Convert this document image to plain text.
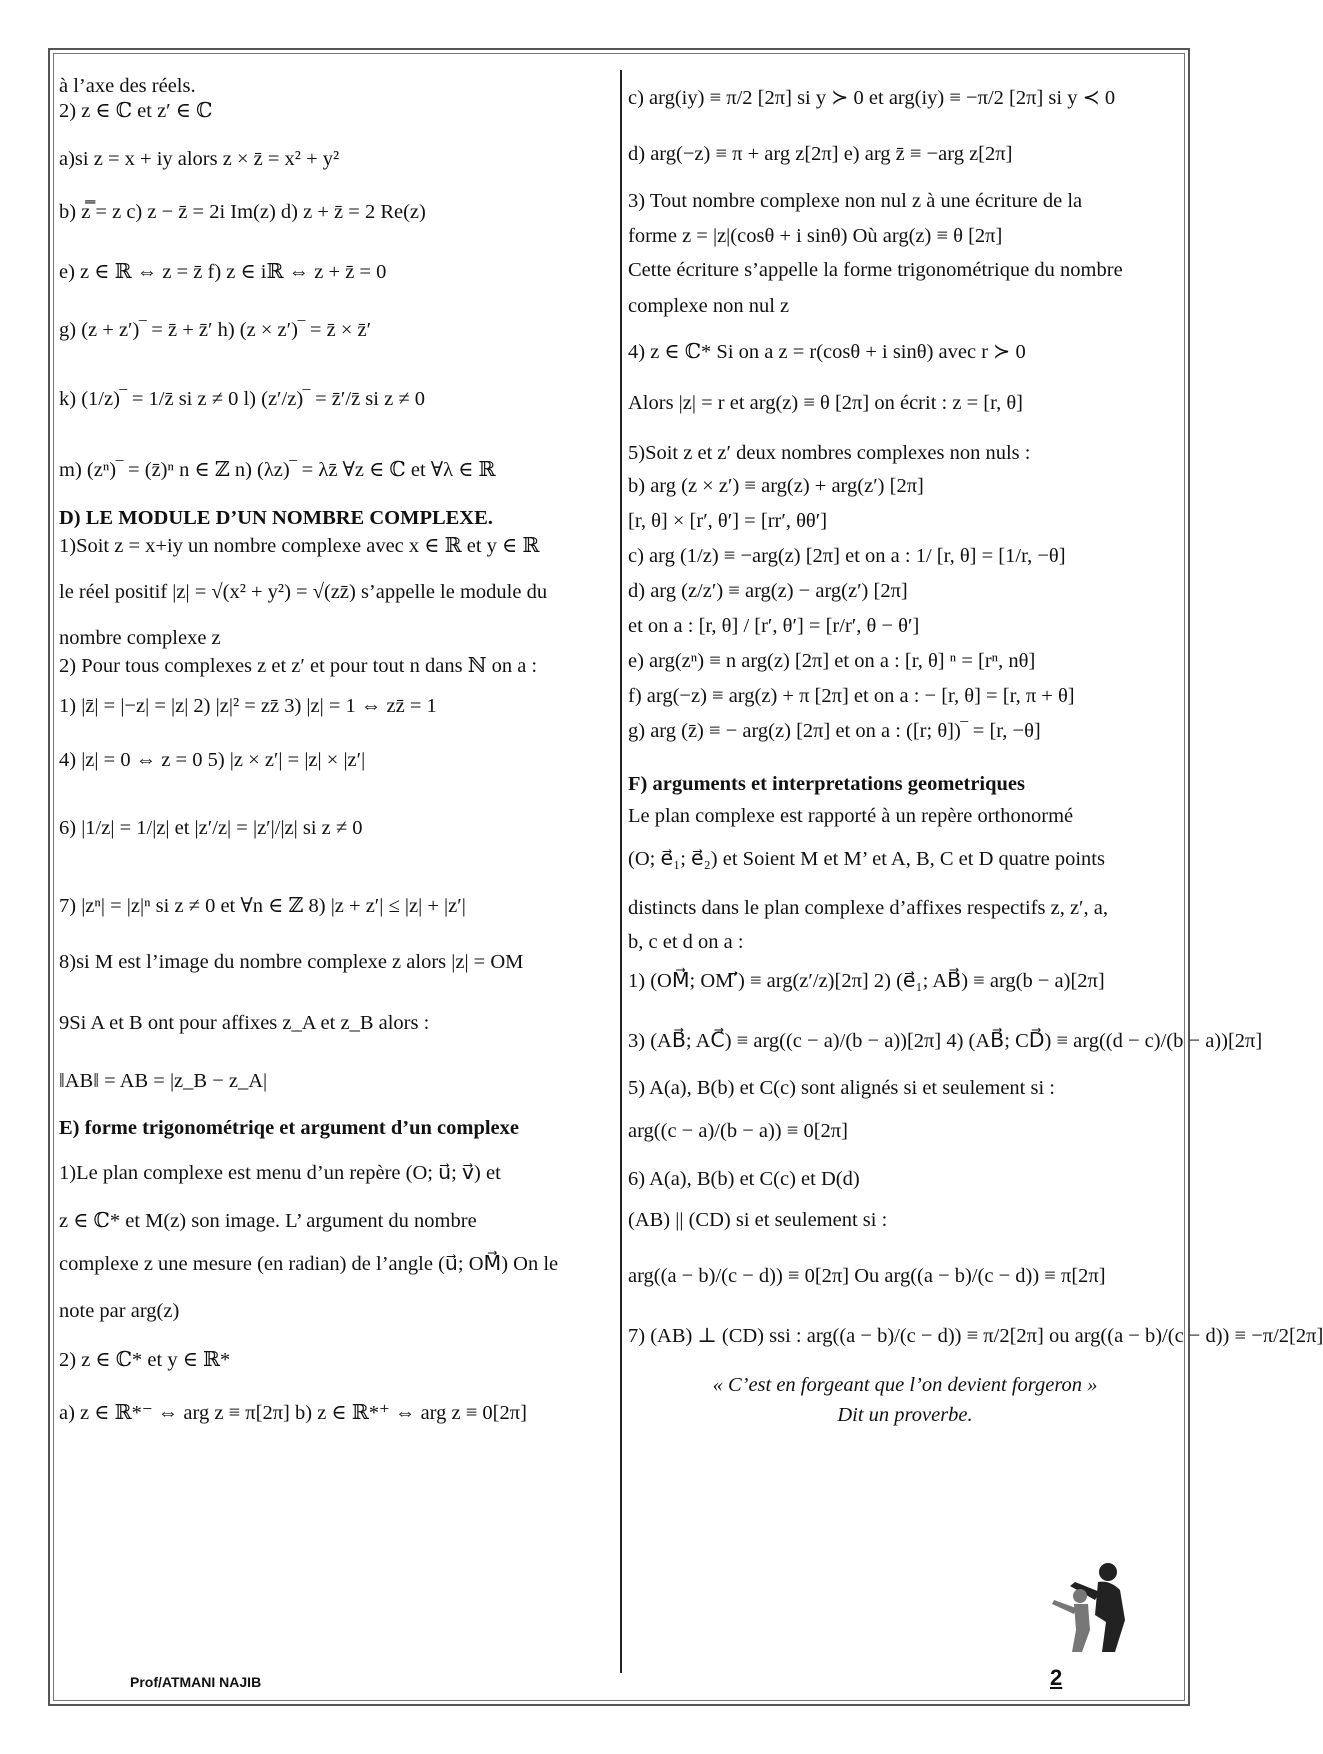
à l’axe des réels.
2) z ∈ ℂ et z′ ∈ ℂ
a)si z = x + iy alors z × z̄ = x² + y²
b) z̿ = z c) z − z̄ = 2i Im(z) d) z + z̄ = 2 Re(z)
e) z ∈ ℝ ⇔ z = z̄ f) z ∈ iℝ ⇔ z + z̄ = 0
g) (z + z′)‾ = z̄ + z̄′ h) (z × z′)‾ = z̄ × z̄′
k) (1/z)‾ = 1/z̄ si z ≠ 0 l) (z′/z)‾ = z̄′/z̄ si z ≠ 0
m) (zⁿ)‾ = (z̄)ⁿ n ∈ ℤ n) (λz)‾ = λz̄ ∀z ∈ ℂ et ∀λ ∈ ℝ
D) LE MODULE D’UN NOMBRE COMPLEXE.
1)Soit z = x+iy un nombre complexe avec x ∈ ℝ et y ∈ ℝ
le réel positif |z| = √(x² + y²) = √(zz̄) s’appelle le module du
nombre complexe z
2) Pour tous complexes z et z′ et pour tout n dans ℕ on a :
1) |z̄| = |−z| = |z| 2) |z|² = zz̄ 3) |z| = 1 ⇔ zz̄ = 1
4) |z| = 0 ⇔ z = 0 5) |z × z′| = |z| × |z′|
6) |1/z| = 1/|z| et |z′/z| = |z′|/|z| si z ≠ 0
7) |zⁿ| = |z|ⁿ si z ≠ 0 et ∀n ∈ ℤ 8) |z + z′| ≤ |z| + |z′|
8)si M est l’image du nombre complexe z alors |z| = OM
9Si A et B ont pour affixes z_A et z_B alors :
‖AB‖ = AB = |z_B − z_A|
E) forme trigonométriqe et argument d’un complexe
1)Le plan complexe est menu d’un repère (O; u⃗; v⃗) et
z ∈ ℂ* et M(z) son image. L’ argument du nombre
complexe z une mesure (en radian) de l’angle (u⃗; OM⃗) On le
note par arg(z)
2) z ∈ ℂ* et y ∈ ℝ*
a) z ∈ ℝ*⁻ ⇔ arg z ≡ π[2π] b) z ∈ ℝ*⁺ ⇔ arg z ≡ 0[2π]
c) arg(iy) ≡ π/2 [2π] si y ≻ 0 et arg(iy) ≡ −π/2 [2π] si y ≺ 0
d) arg(−z) ≡ π + arg z[2π] e) arg z̄ ≡ −arg z[2π]
3) Tout nombre complexe non nul z à une écriture de la
forme z = |z|(cosθ + i sinθ) Où arg(z) ≡ θ [2π]
Cette écriture s’appelle la forme trigonométrique du nombre
complexe non nul z
4) z ∈ ℂ* Si on a z = r(cosθ + i sinθ) avec r ≻ 0
Alors |z| = r et arg(z) ≡ θ [2π] on écrit : z = [r, θ]
5)Soit z et z′ deux nombres complexes non nuls :
b) arg (z × z′) ≡ arg(z) + arg(z′) [2π]
[r, θ] × [r′, θ′] = [rr′, θθ′]
c) arg (1/z) ≡ −arg(z) [2π] et on a : 1/ [r, θ] = [1/r, −θ]
d) arg (z/z′) ≡ arg(z) − arg(z′) [2π]
et on a : [r, θ] / [r′, θ′] = [r/r′, θ − θ′]
e) arg(zⁿ) ≡ n arg(z) [2π] et on a : [r, θ] ⁿ = [rⁿ, nθ]
f) arg(−z) ≡ arg(z) + π [2π] et on a : − [r, θ] = [r, π + θ]
g) arg (z̄) ≡ − arg(z) [2π] et on a : ([r; θ])‾ = [r, −θ]
F) arguments et interpretations geometriques
Le plan complexe est rapporté à un repère orthonormé
(O; e⃗₁; e⃗₂) et Soient M et M’ et A, B, C et D quatre points
distincts dans le plan complexe d’affixes respectifs z, z′, a,
b, c et d on a :
1) (OM⃗; OM′⃗) ≡ arg(z′/z)[2π] 2) (e⃗₁; AB⃗) ≡ arg(b − a)[2π]
3) (AB⃗; AC⃗) ≡ arg((c − a)/(b − a))[2π] 4) (AB⃗; CD⃗) ≡ arg((d − c)/(b − a))[2π]
5) A(a), B(b) et C(c) sont alignés si et seulement si :
arg((c − a)/(b − a)) ≡ 0[2π]
6) A(a), B(b) et C(c) et D(d)
(AB) || (CD) si et seulement si :
arg((a − b)/(c − d)) ≡ 0[2π] Ou arg((a − b)/(c − d)) ≡ π[2π]
7) (AB) ⊥ (CD) ssi : arg((a − b)/(c − d)) ≡ π/2[2π] ou arg((a − b)/(c − d)) ≡ −π/2[2π]
« C’est en forgeant que l’on devient forgeron »
Dit un proverbe.
Prof/ATMANI NAJIB	2
